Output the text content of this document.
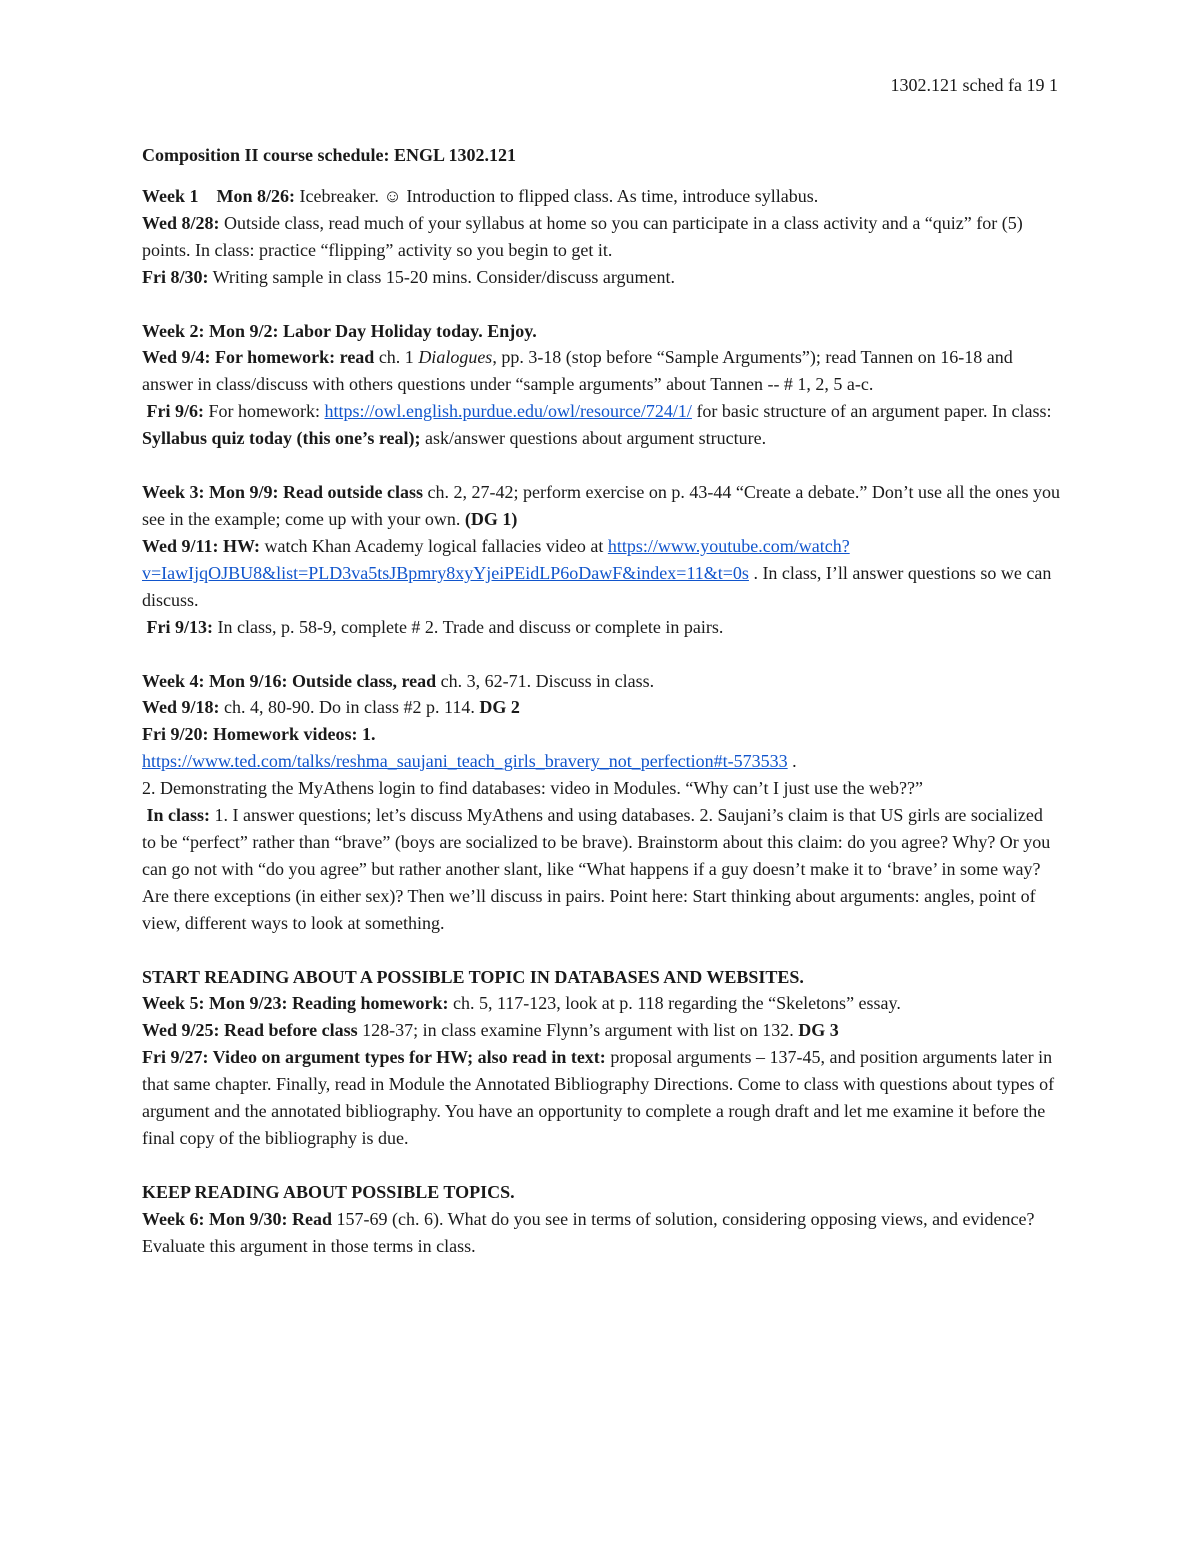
1302.121 sched fa 19 1

Composition II course schedule: ENGL 1302.121

Week 1 Mon 8/26: Icebreaker. ☺ Introduction to flipped class. As time, introduce syllabus.

Wed 8/28: Outside class, read much of your syllabus at home so you can participate in a class activity and a “quiz” for (5) points. In class: practice “flipping” activity so you begin to get it.

Fri 8/30: Writing sample in class 15-20 mins. Consider/discuss argument.

Week 2: Mon 9/2: Labor Day Holiday today. Enjoy.

Wed 9/4: For homework: read ch. 1 Dialogues, pp. 3-18 (stop before “Sample Arguments”); read Tannen on 16-18 and answer in class/discuss with others questions under “sample arguments” about Tannen -- # 1, 2, 5 a-c.

Fri 9/6: For homework: https://owl.english.purdue.edu/owl/resource/724/1/ for basic structure of an argument paper. In class: Syllabus quiz today (this one’s real); ask/answer questions about argument structure.

Week 3: Mon 9/9: Read outside class ch. 2, 27-42; perform exercise on p. 43-44 “Create a debate.” Don’t use all the ones you see in the example; come up with your own. (DG 1)

Wed 9/11: HW: watch Khan Academy logical fallacies video at https://www.youtube.com/watch?v=IawIjqOJBU8&list=PLD3va5tsJBpmry8xyYjeiPEidLP6oDawF&index=11&t=0s . In class, I’ll answer questions so we can discuss.

Fri 9/13: In class, p. 58-9, complete # 2. Trade and discuss or complete in pairs.

Week 4: Mon 9/16: Outside class, read ch. 3, 62-71. Discuss in class.

Wed 9/18: ch. 4, 80-90. Do in class #2 p. 114. DG 2

Fri 9/20: Homework videos: 1.

https://www.ted.com/talks/reshma_saujani_teach_girls_bravery_not_perfection#t-573533 .

2. Demonstrating the MyAthens login to find databases: video in Modules. “Why can’t I just use the web??”

In class: 1. I answer questions; let’s discuss MyAthens and using databases. 2. Saujani’s claim is that US girls are socialized to be “perfect” rather than “brave” (boys are socialized to be brave). Brainstorm about this claim: do you agree? Why? Or you can go not with “do you agree” but rather another slant, like “What happens if a guy doesn’t make it to ‘brave’ in some way? Are there exceptions (in either sex)? Then we’ll discuss in pairs. Point here: Start thinking about arguments: angles, point of view, different ways to look at something.

START READING ABOUT A POSSIBLE TOPIC IN DATABASES AND WEBSITES.

Week 5: Mon 9/23: Reading homework: ch. 5, 117-123, look at p. 118 regarding the “Skeletons” essay.

Wed 9/25: Read before class 128-37; in class examine Flynn’s argument with list on 132. DG 3

Fri 9/27: Video on argument types for HW; also read in text: proposal arguments – 137-45, and position arguments later in that same chapter. Finally, read in Module the Annotated Bibliography Directions. Come to class with questions about types of argument and the annotated bibliography. You have an opportunity to complete a rough draft and let me examine it before the final copy of the bibliography is due.

KEEP READING ABOUT POSSIBLE TOPICS.

Week 6: Mon 9/30: Read 157-69 (ch. 6). What do you see in terms of solution, considering opposing views, and evidence? Evaluate this argument in those terms in class.
